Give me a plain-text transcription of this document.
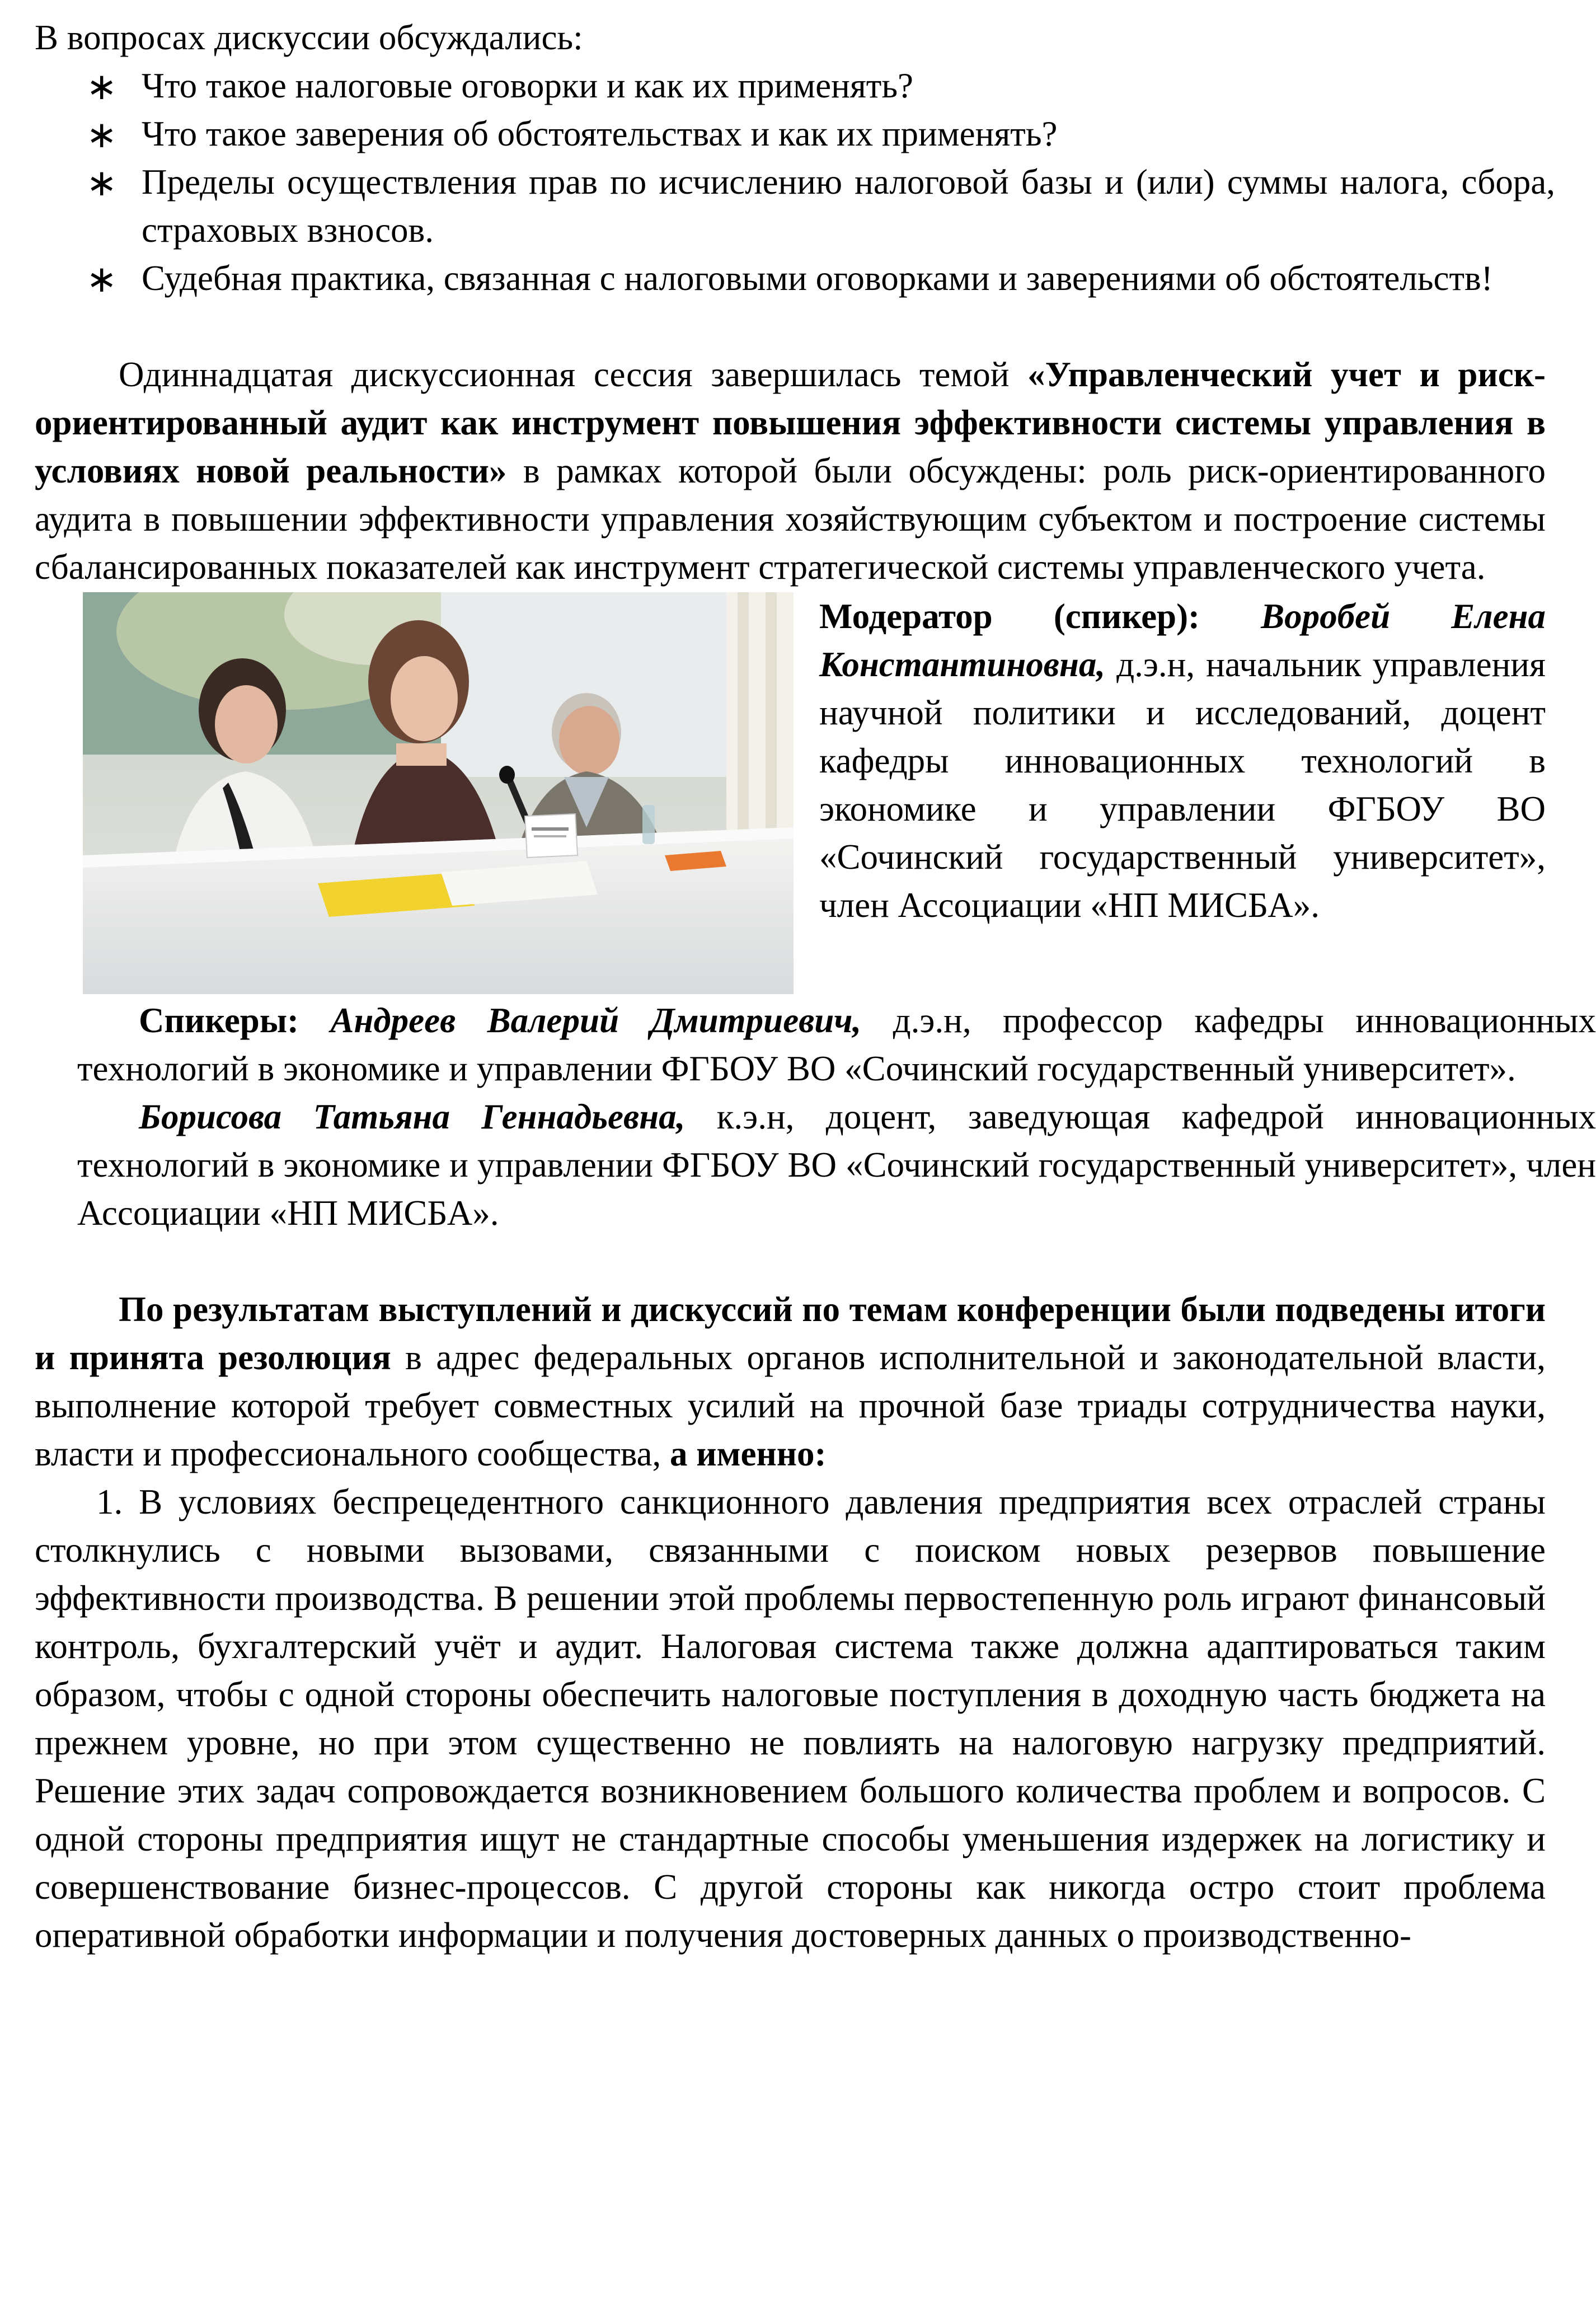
В вопросах дискуссии обсуждались:

∗ Что такое налоговые оговорки и как их применять?
∗ Что такое заверения об обстоятельствах и как их применять?
∗ Пределы осуществления прав по исчислению налоговой базы и (или) суммы налога, сбора, страховых взносов.
∗ Судебная практика, связанная с налоговыми оговорками и заверениями об обстоятельств!

Одиннадцатая дискуссионная сессия завершилась темой «Управленческий учет и риск-ориентированный аудит как инструмент повышения эффективности системы управления в условиях новой реальности» в рамках которой были обсуждены: роль риск-ориентированного аудита в повышении эффективности управления хозяйствующим субъектом и построение системы сбалансированных показателей как инструмент стратегической системы управленческого учета.

Модератор (спикер): Воробей Елена Константиновна, д.э.н, начальник управления научной политики и исследований, доцент кафедры инновационных технологий в экономике и управлении ФГБОУ ВО «Сочинский государственный университет», член Ассоциации «НП МИСБА».

Спикеры: Андреев Валерий Дмитриевич, д.э.н, профессор кафедры инновационных технологий в экономике и управлении ФГБОУ ВО «Сочинский государственный университет».

Борисова Татьяна Геннадьевна, к.э.н, доцент, заведующая кафедрой инновационных технологий в экономике и управлении ФГБОУ ВО «Сочинский государственный университет», член Ассоциации «НП МИСБА».

По результатам выступлений и дискуссий по темам конференции были подведены итоги и принята резолюция в адрес федеральных органов исполнительной и законодательной власти, выполнение которой требует совместных усилий на прочной базе триады сотрудничества науки, власти и профессионального сообщества, а именно:

1. В условиях беспрецедентного санкционного давления предприятия всех отраслей страны столкнулись с новыми вызовами, связанными с поиском новых резервов повышение эффективности производства. В решении этой проблемы первостепенную роль играют финансовый контроль, бухгалтерский учёт и аудит. Налоговая система также должна адаптироваться таким образом, чтобы с одной стороны обеспечить налоговые поступления в доходную часть бюджета на прежнем уровне, но при этом существенно не повлиять на налоговую нагрузку предприятий. Решение этих задач сопровождается возникновением большого количества проблем и вопросов. С одной стороны предприятия ищут не стандартные способы уменьшения издержек на логистику и совершенствование бизнес-процессов. С другой стороны как никогда остро стоит проблема оперативной обработки информации и получения достоверных данных о производственно-
